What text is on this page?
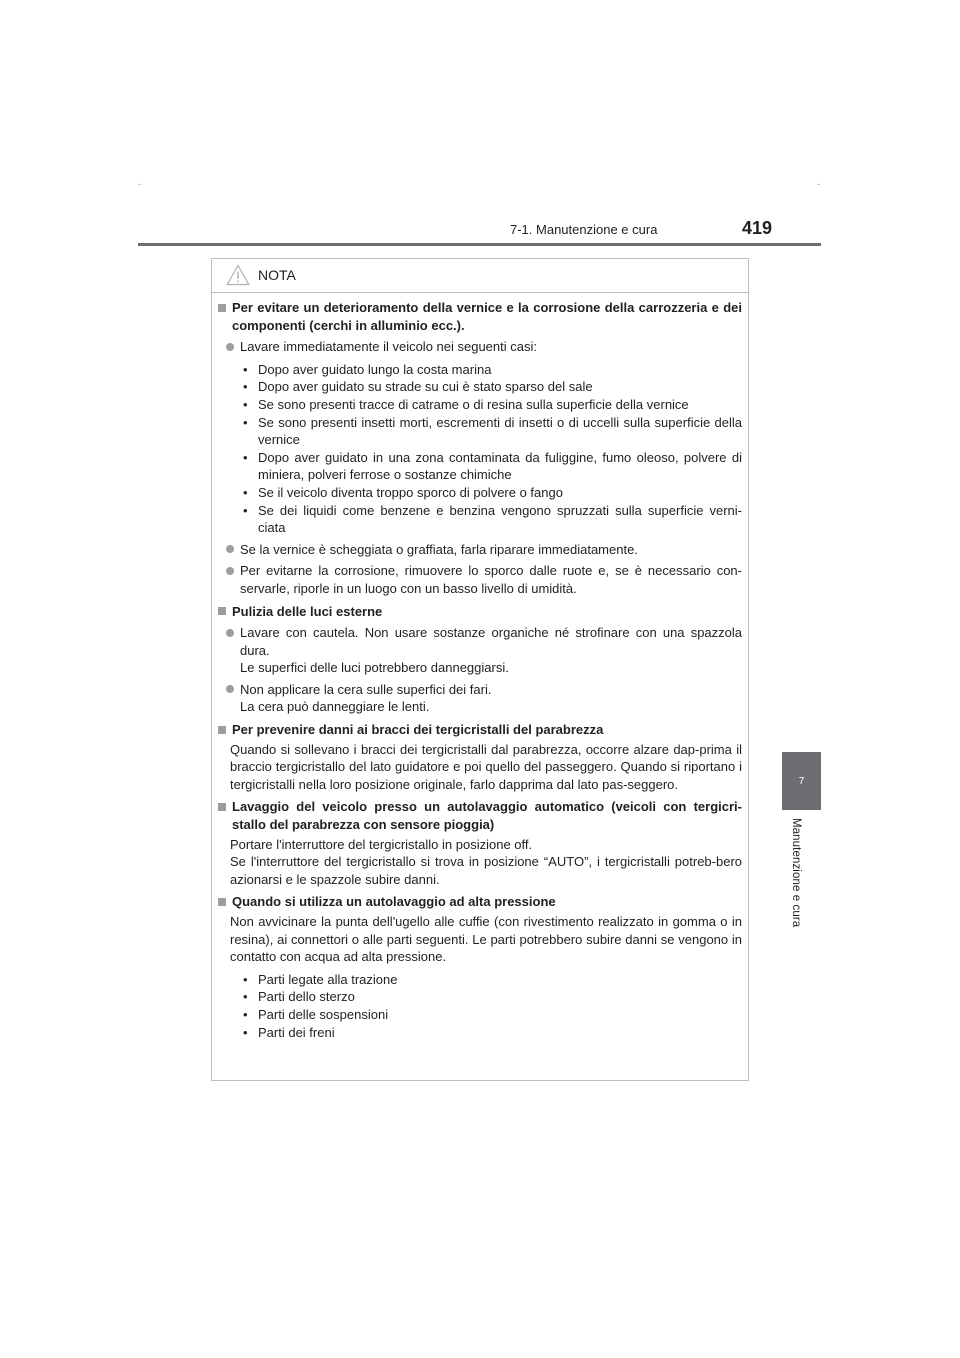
-	-
7-1. Manutenzione e cura	419
7
Manutenzione e cura
NOTA
Per evitare un deterioramento della vernice e la corrosione della carrozzeria e dei componenti (cerchi in alluminio ecc.).
Lavare immediatamente il veicolo nei seguenti casi:
• Dopo aver guidato lungo la costa marina
• Dopo aver guidato su strade su cui è stato sparso del sale
• Se sono presenti tracce di catrame o di resina sulla superficie della vernice
• Se sono presenti insetti morti, escrementi di insetti o di uccelli sulla superficie della vernice
• Dopo aver guidato in una zona contaminata da fuliggine, fumo oleoso, polvere di miniera, polveri ferrose o sostanze chimiche
• Se il veicolo diventa troppo sporco di polvere o fango
• Se dei liquidi come benzene e benzina vengono spruzzati sulla superficie verni-ciata
Se la vernice è scheggiata o graffiata, farla riparare immediatamente.
Per evitarne la corrosione, rimuovere lo sporco dalle ruote e, se è necessario con-servarle, riporle in un luogo con un basso livello di umidità.
Pulizia delle luci esterne
Lavare con cautela. Non usare sostanze organiche né strofinare con una spazzola dura.
Le superfici delle luci potrebbero danneggiarsi.
Non applicare la cera sulle superfici dei fari.
La cera può danneggiare le lenti.
Per prevenire danni ai bracci dei tergicristalli del parabrezza
Quando si sollevano i bracci dei tergicristalli dal parabrezza, occorre alzare dap-prima il braccio tergicristallo del lato guidatore e poi quello del passeggero. Quando si riportano i tergicristalli nella loro posizione originale, farlo dapprima dal lato pas-seggero.
Lavaggio del veicolo presso un autolavaggio automatico (veicoli con tergicri-stallo del parabrezza con sensore pioggia)
Portare l'interruttore del tergicristallo in posizione off.
Se l'interruttore del tergicristallo si trova in posizione “AUTO”, i tergicristalli potreb-bero azionarsi e le spazzole subire danni.
Quando si utilizza un autolavaggio ad alta pressione
Non avvicinare la punta dell'ugello alle cuffie (con rivestimento realizzato in gomma o in resina), ai connettori o alle parti seguenti. Le parti potrebbero subire danni se vengono in contatto con acqua ad alta pressione.
• Parti legate alla trazione
• Parti dello sterzo
• Parti delle sospensioni
• Parti dei freni
